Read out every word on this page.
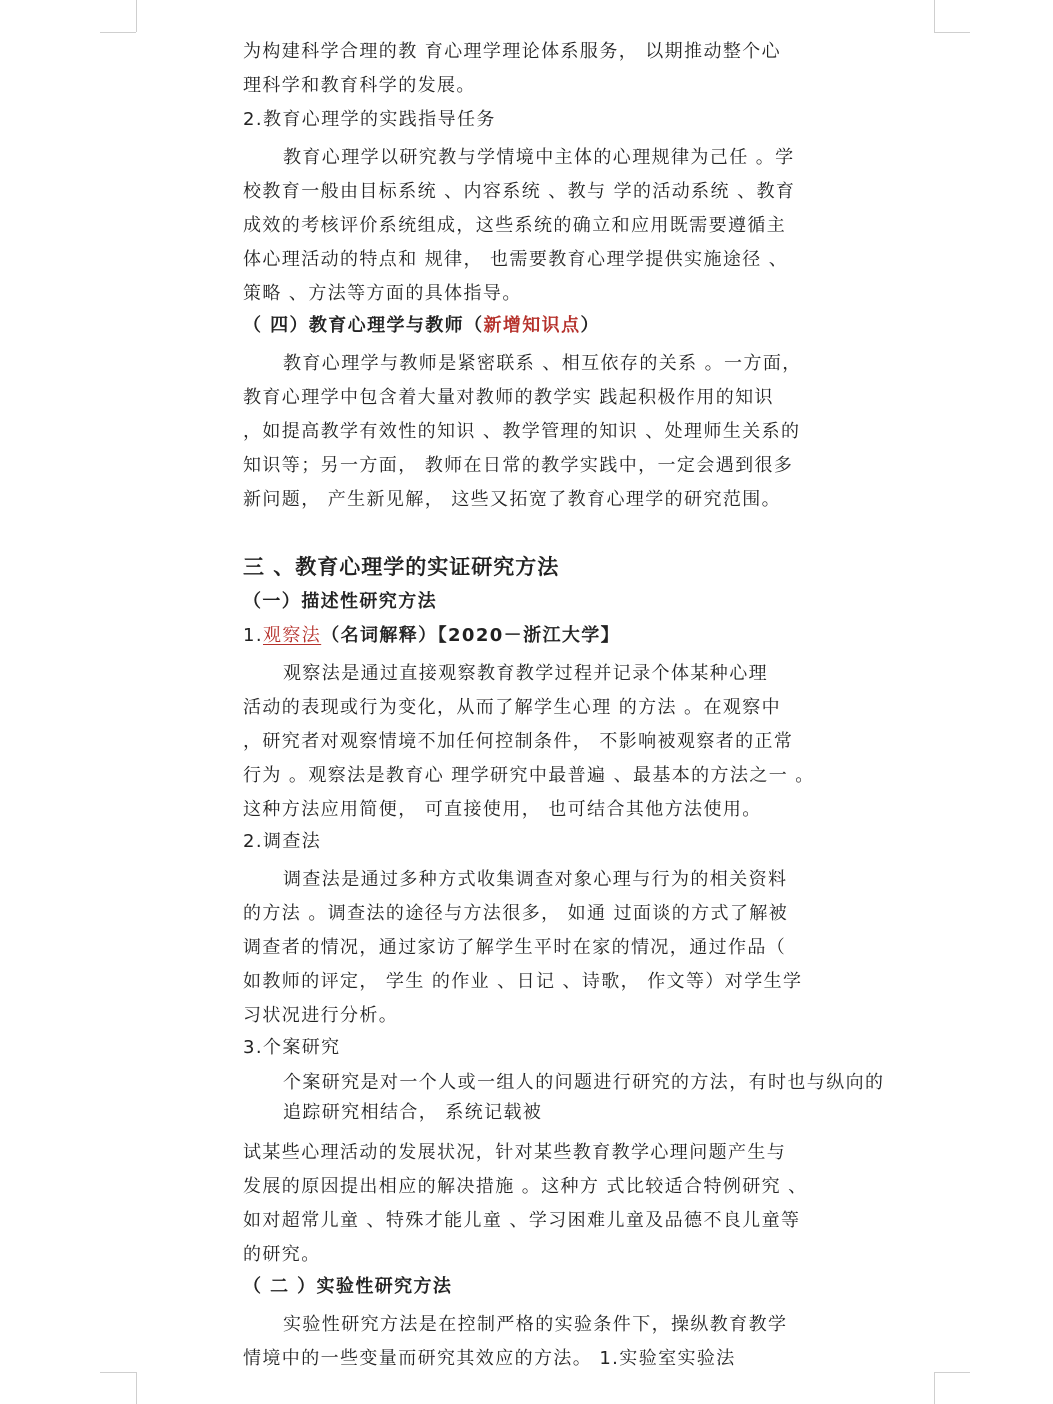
为构建科学合理的教 育心理学理论体系服务， 以期推动整个心
理科学和教育科学的发展。
2.教育心理学的实践指导任务
教育心理学以研究教与学情境中主体的心理规律为己任 。学
校教育一般由目标系统 、内容系统 、教与 学的活动系统 、教育
成效的考核评价系统组成，这些系统的确立和应用既需要遵循主
体心理活动的特点和 规律， 也需要教育心理学提供实施途径 、
策略 、方法等方面的具体指导。
（ 四）教育心理学与教师（新增知识点）
教育心理学与教师是紧密联系 、相互依存的关系 。一方面，
教育心理学中包含着大量对教师的教学实 践起积极作用的知识
，如提高教学有效性的知识 、教学管理的知识 、处理师生关系的
知识等；另一方面， 教师在日常的教学实践中，一定会遇到很多
新问题， 产生新见解， 这些又拓宽了教育心理学的研究范围。
三 、教育心理学的实证研究方法
（一）描述性研究方法
1.观察法（名词解释）【2020－浙江大学】
观察法是通过直接观察教育教学过程并记录个体某种心理
活动的表现或行为变化，从而了解学生心理 的方法 。在观察中
，研究者对观察情境不加任何控制条件， 不影响被观察者的正常
行为 。观察法是教育心 理学研究中最普遍 、最基本的方法之一 。
这种方法应用简便， 可直接使用， 也可结合其他方法使用。
2.调查法
调查法是通过多种方式收集调查对象心理与行为的相关资料
的方法 。调查法的途径与方法很多， 如通 过面谈的方式了解被
调查者的情况，通过家访了解学生平时在家的情况，通过作品（
如教师的评定， 学生 的作业 、日记 、诗歌， 作文等）对学生学
习状况进行分析。
3.个案研究
个案研究是对一个人或一组人的问题进行研究的方法，有时也与纵向的
追踪研究相结合， 系统记载被
试某些心理活动的发展状况，针对某些教育教学心理问题产生与
发展的原因提出相应的解决措施 。这种方 式比较适合特例研究 、
如对超常儿童 、特殊才能儿童 、学习困难儿童及品德不良儿童等
的研究。
（ 二 ）实验性研究方法
实验性研究方法是在控制严格的实验条件下，操纵教育教学
情境中的一些变量而研究其效应的方法。 1.实验室实验法
